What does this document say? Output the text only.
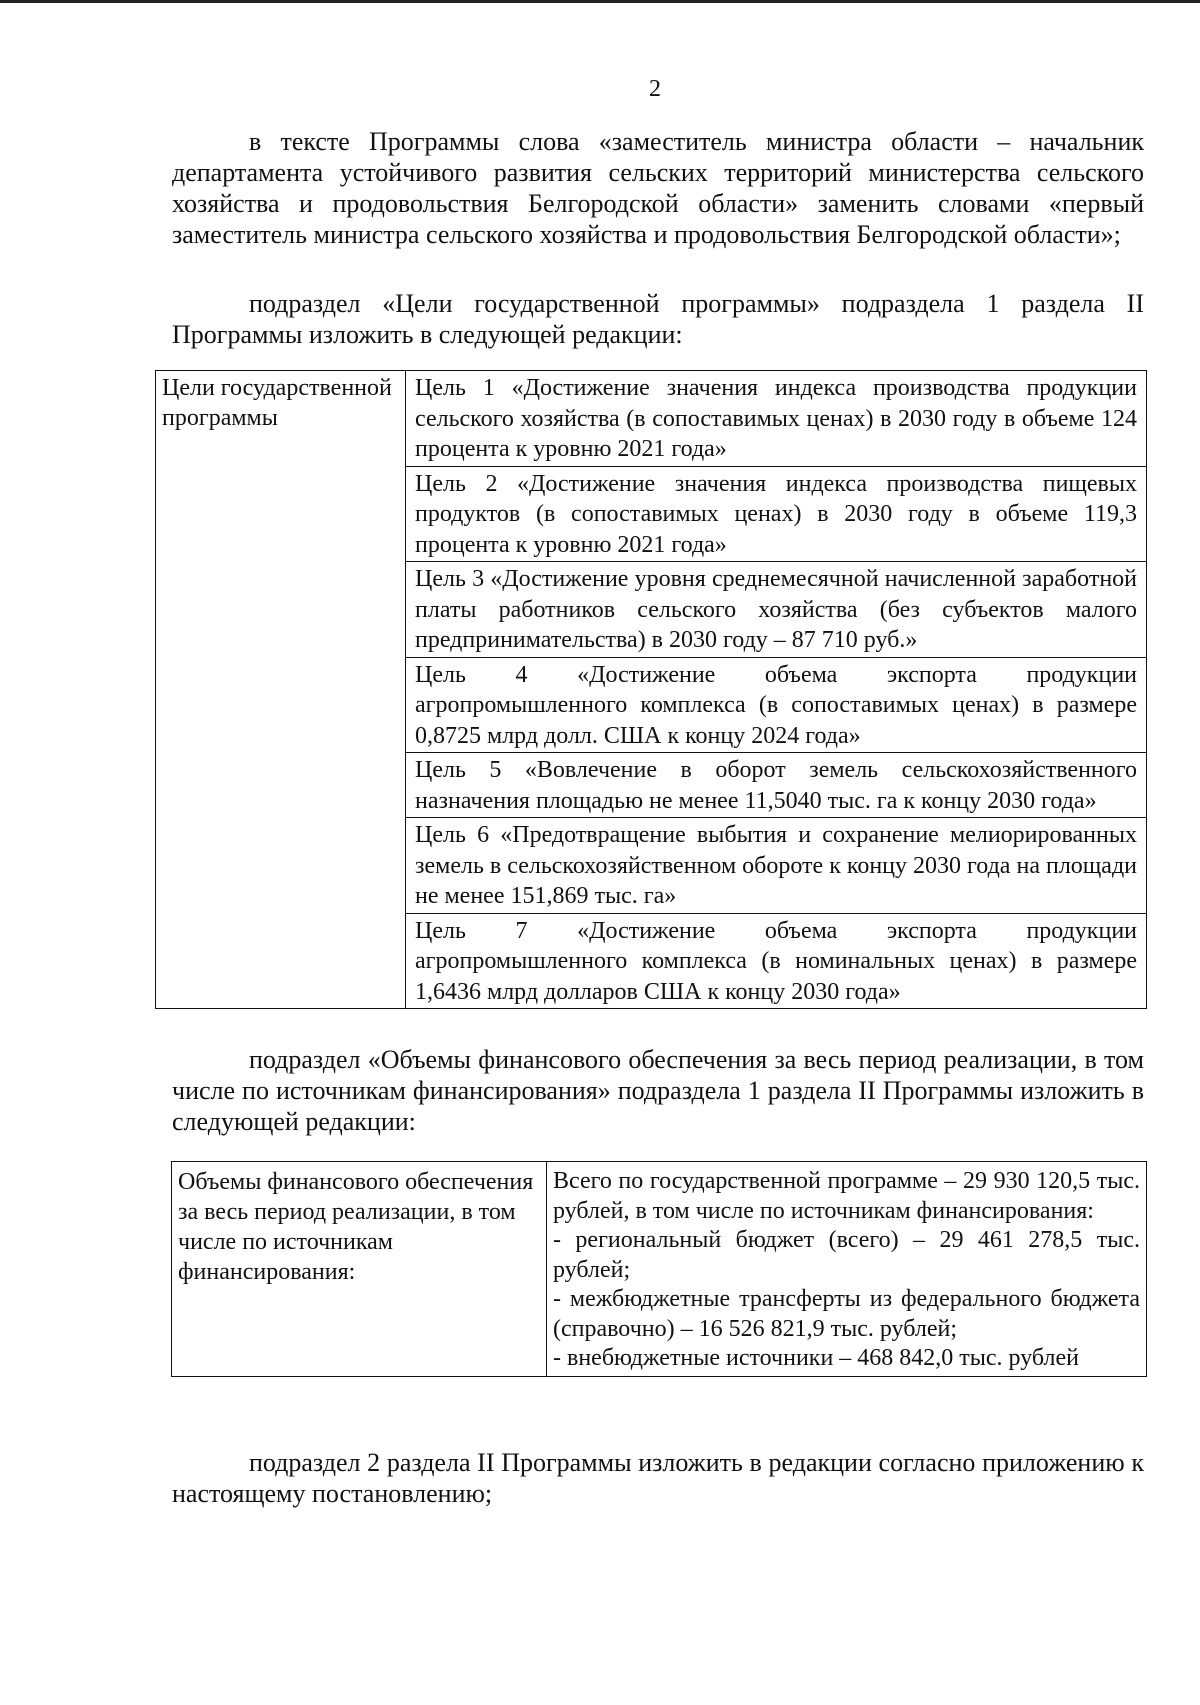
2

в тексте Программы слова «заместитель министра области – начальник департамента устойчивого развития сельских территорий министерства сельского хозяйства и продовольствия Белгородской области» заменить словами «первый заместитель министра сельского хозяйства и продовольствия Белгородской области»;

подраздел «Цели государственной программы» подраздела 1 раздела II Программы изложить в следующей редакции:

Цели государственной программы	Цель 1 «Достижение значения индекса производства продукции сельского хозяйства (в сопоставимых ценах) в 2030 году в объеме 124 процента к уровню 2021 года»
Цель 2 «Достижение значения индекса производства пищевых продуктов (в сопоставимых ценах) в 2030 году в объеме 119,3 процента к уровню 2021 года»
Цель 3 «Достижение уровня среднемесячной начисленной заработной платы работников сельского хозяйства (без субъектов малого предпринимательства) в 2030 году – 87 710 руб.»
Цель 4 «Достижение объема экспорта продукции агропромышленного комплекса (в сопоставимых ценах) в размере 0,8725 млрд долл. США к концу 2024 года»
Цель 5 «Вовлечение в оборот земель сельскохозяйственного назначения площадью не менее 11,5040 тыс. га к концу 2030 года»
Цель 6 «Предотвращение выбытия и сохранение мелиорированных земель в сельскохозяйственном обороте к концу 2030 года на площади не менее 151,869 тыс. га»
Цель 7 «Достижение объема экспорта продукции агропромышленного комплекса (в номинальных ценах) в размере 1,6436 млрд долларов США к концу 2030 года»

подраздел «Объемы финансового обеспечения за весь период реализации, в том числе по источникам финансирования» подраздела 1 раздела II Программы изложить в следующей редакции:

Объемы финансового обеспечения за весь период реализации, в том числе по источникам финансирования:	
Всего по государственной программе – 29 930 120,5 тыс. рублей, в том числе по источникам финансирования:
- региональный бюджет (всего) – 29 461 278,5 тыс. рублей;
- межбюджетные трансферты из федерального бюджета (справочно) – 16 526 821,9 тыс. рублей;
- внебюджетные источники – 468 842,0 тыс. рублей

подраздел 2 раздела II Программы изложить в редакции согласно приложению к настоящему постановлению;
